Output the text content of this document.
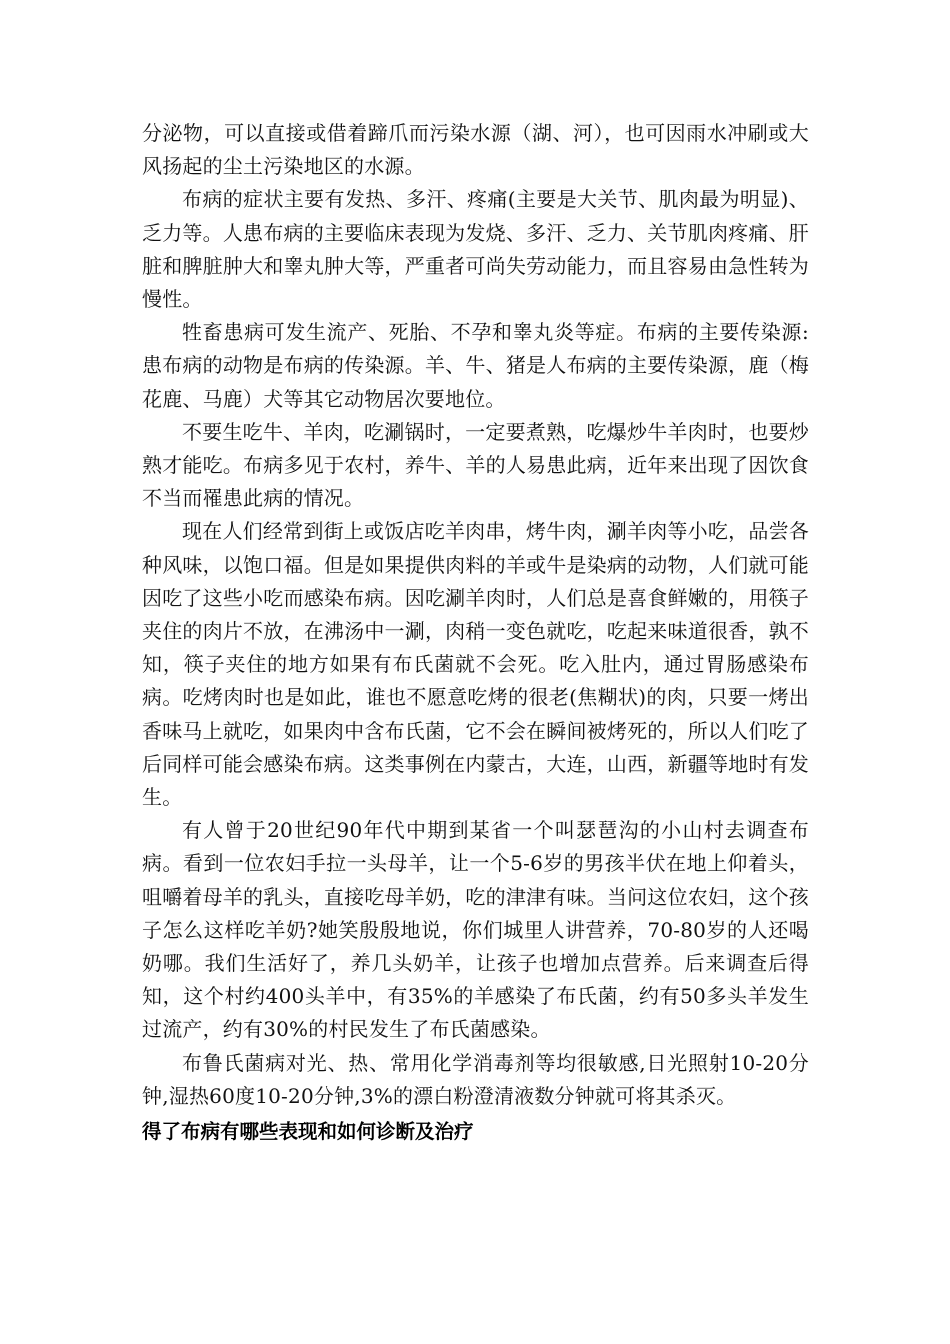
分泌物，可以直接或借着蹄爪而污染水源（湖、河），也可因雨水冲刷或大风扬起的尘土污染地区的水源。

布病的症状主要有发热、多汗、疼痛(主要是大关节、肌肉最为明显)、乏力等。人患布病的主要临床表现为发烧、多汗、乏力、关节肌肉疼痛、肝脏和脾脏肿大和睾丸肿大等，严重者可尚失劳动能力，而且容易由急性转为慢性。

牲畜患病可发生流产、死胎、不孕和睾丸炎等症。布病的主要传染源:患布病的动物是布病的传染源。羊、牛、猪是人布病的主要传染源，鹿（梅花鹿、马鹿）犬等其它动物居次要地位。

不要生吃牛、羊肉，吃涮锅时，一定要煮熟，吃爆炒牛羊肉时，也要炒熟才能吃。布病多见于农村，养牛、羊的人易患此病，近年来出现了因饮食不当而罹患此病的情况。

现在人们经常到街上或饭店吃羊肉串，烤牛肉，涮羊肉等小吃，品尝各种风味，以饱口福。但是如果提供肉料的羊或牛是染病的动物，人们就可能因吃了这些小吃而感染布病。因吃涮羊肉时，人们总是喜食鲜嫩的，用筷子夹住的肉片不放，在沸汤中一涮，肉稍一变色就吃，吃起来味道很香，孰不知，筷子夹住的地方如果有布氏菌就不会死。吃入肚内，通过胃肠感染布病。吃烤肉时也是如此，谁也不愿意吃烤的很老(焦糊状)的肉，只要一烤出香味马上就吃，如果肉中含布氏菌，它不会在瞬间被烤死的，所以人们吃了后同样可能会感染布病。这类事例在内蒙古，大连，山西，新疆等地时有发生。

有人曾于20世纪90年代中期到某省一个叫瑟琶沟的小山村去调查布病。看到一位农妇手拉一头母羊，让一个5-6岁的男孩半伏在地上仰着头，咀嚼着母羊的乳头，直接吃母羊奶，吃的津津有味。当问这位农妇，这个孩子怎么这样吃羊奶?她笑殷殷地说，你们城里人讲营养，70-80岁的人还喝奶哪。我们生活好了，养几头奶羊，让孩子也增加点营养。后来调查后得知，这个村约400头羊中，有35%的羊感染了布氏菌，约有50多头羊发生过流产，约有30%的村民发生了布氏菌感染。

布鲁氏菌病对光、热、常用化学消毒剂等均很敏感,日光照射10-20分钟,湿热60度10-20分钟,3%的漂白粉澄清液数分钟就可将其杀灭。

得了布病有哪些表现和如何诊断及治疗
